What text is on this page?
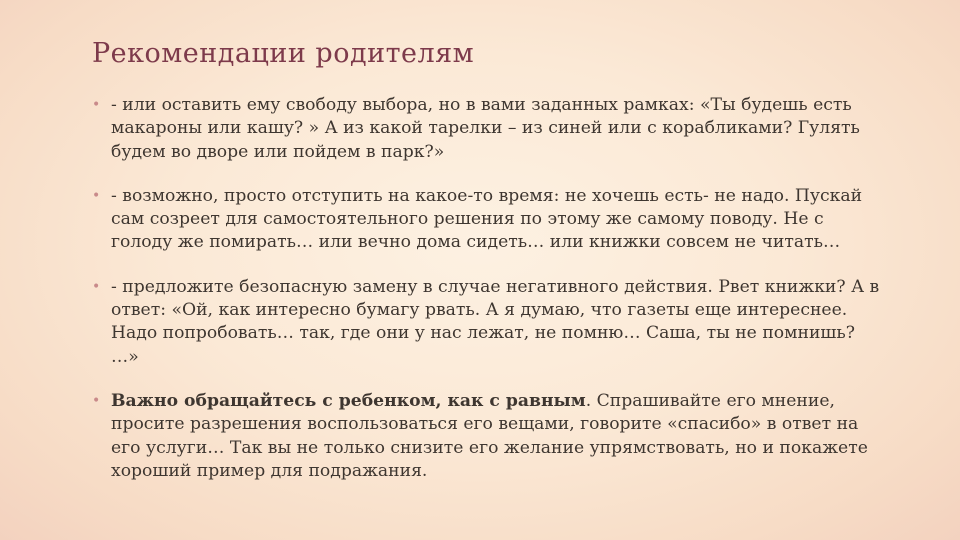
Рекомендации родителям
• - или оставить ему свободу выбора, но в вами заданных рамках: «Ты будешь есть макароны или кашу? » А из какой тарелки – из синей или с корабликами? Гулять будем во дворе или пойдем в парк?»
• - возможно, просто отступить на какое-то время: не хочешь есть- не надо. Пускай сам созреет для самостоятельного решения по этому же самому поводу. Не с голоду же помирать… или вечно дома сидеть… или книжки совсем не читать…
• - предложите безопасную замену в случае негативного действия. Рвет книжки? А в ответ: «Ой, как интересно бумагу рвать. А я думаю, что газеты еще интереснее. Надо попробовать… так, где они у нас лежат, не помню… Саша, ты не помнишь? …»
• Важно обращайтесь с ребенком, как с равным. Спрашивайте его мнение, просите разрешения воспользоваться его вещами, говорите «спасибо» в ответ на его услуги… Так вы не только снизите его желание упрямствовать, но и покажете хороший пример для подражания.
